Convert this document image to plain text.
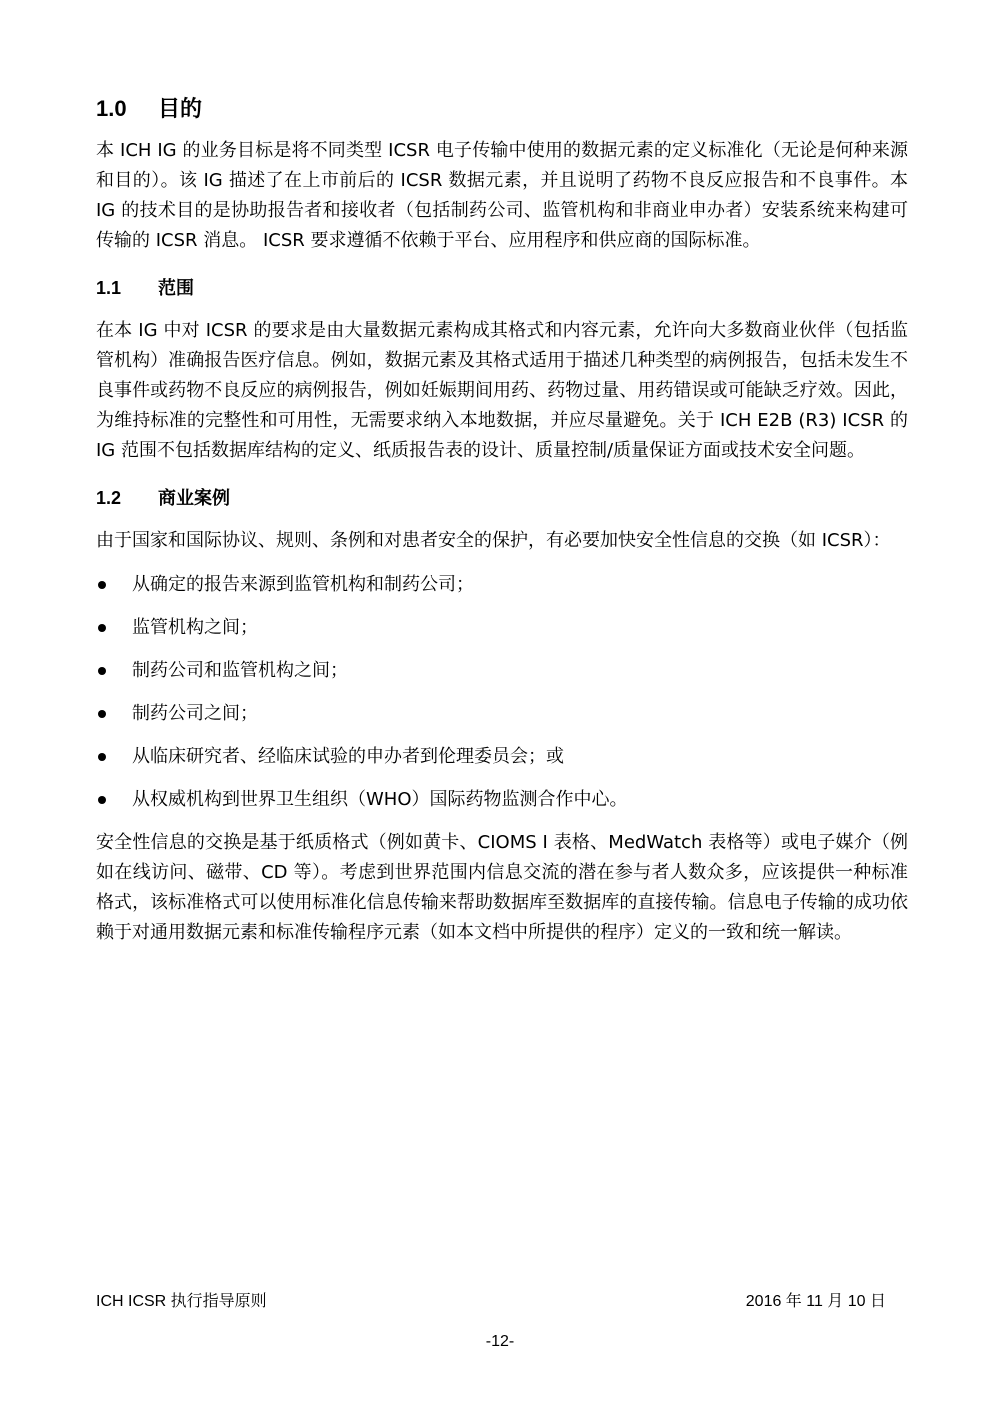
1.0 目的

本 ICH IG 的业务目标是将不同类型 ICSR 电子传输中使用的数据元素的定义标准化（无论是何种来源和目的）。该 IG 描述了在上市前后的 ICSR 数据元素，并且说明了药物不良反应报告和不良事件。本 IG 的技术目的是协助报告者和接收者（包括制药公司、监管机构和非商业申办者）安装系统来构建可传输的 ICSR 消息。 ICSR 要求遵循不依赖于平台、应用程序和供应商的国际标准。

1.1 范围

在本 IG 中对 ICSR 的要求是由大量数据元素构成其格式和内容元素，允许向大多数商业伙伴（包括监管机构）准确报告医疗信息。例如，数据元素及其格式适用于描述几种类型的病例报告，包括未发生不良事件或药物不良反应的病例报告，例如妊娠期间用药、药物过量、用药错误或可能缺乏疗效。因此，为维持标准的完整性和可用性，无需要求纳入本地数据，并应尽量避免。关于 ICH E2B (R3) ICSR 的 IG 范围不包括数据库结构的定义、纸质报告表的设计、质量控制/质量保证方面或技术安全问题。

1.2 商业案例

由于国家和国际协议、规则、条例和对患者安全的保护，有必要加快安全性信息的交换（如 ICSR）：

从确定的报告来源到监管机构和制药公司；
监管机构之间；
制药公司和监管机构之间；
制药公司之间；
从临床研究者、经临床试验的申办者到伦理委员会；或
从权威机构到世界卫生组织（WHO）国际药物监测合作中心。

安全性信息的交换是基于纸质格式（例如黄卡、CIOMS I 表格、MedWatch 表格等）或电子媒介（例如在线访问、磁带、CD 等）。考虑到世界范围内信息交流的潜在参与者人数众多，应该提供一种标准格式，该标准格式可以使用标准化信息传输来帮助数据库至数据库的直接传输。信息电子传输的成功依赖于对通用数据元素和标准传输程序元素（如本文档中所提供的程序）定义的一致和统一解读。

ICH ICSR 执行指导原则	2016 年 11 月 10 日
-12-
